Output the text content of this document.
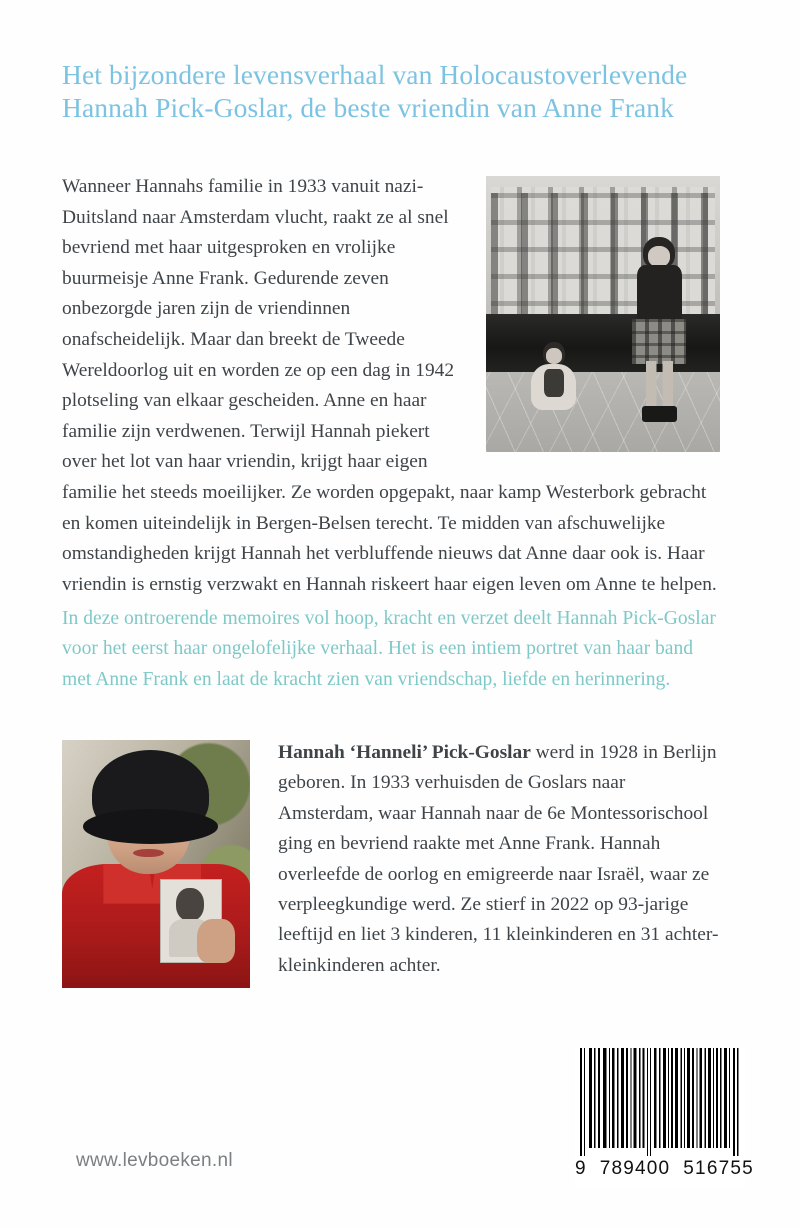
Het bijzondere levensverhaal van Holocaustoverlevende
Hannah Pick-Goslar, de beste vriendin van Anne Frank

Wanneer Hannahs familie in 1933 vanuit nazi-Duitsland naar Amsterdam vlucht, raakt ze al snel bevriend met haar uitgesproken en vrolijke buurmeisje Anne Frank. Gedurende zeven onbezorgde jaren zijn de vriendinnen onafscheidelijk. Maar dan breekt de Tweede Wereldoorlog uit en worden ze op een dag in 1942 plotseling van elkaar gescheiden. Anne en haar familie zijn verdwenen. Terwijl Hannah piekert over het lot van haar vriendin, krijgt haar eigen familie het steeds moeilijker. Ze worden opgepakt, naar kamp Westerbork gebracht en komen uiteindelijk in Bergen-Belsen terecht. Te midden van afschuwelijke omstandigheden krijgt Hannah het verbluffende nieuws dat Anne daar ook is. Haar vriendin is ernstig verzwakt en Hannah riskeert haar eigen leven om Anne te helpen.

In deze ontroerende memoires vol hoop, kracht en verzet deelt Hannah Pick-Goslar voor het eerst haar ongelofelijke verhaal. Het is een intiem portret van haar band met Anne Frank en laat de kracht zien van vriendschap, liefde en herinnering.

Hannah ‘Hanneli’ Pick-Goslar werd in 1928 in Berlijn geboren. In 1933 verhuisden de Goslars naar Amsterdam, waar Hannah naar de 6e Montessorischool ging en bevriend raakte met Anne Frank. Hannah overleefde de oorlog en emigreerde naar Israël, waar ze verpleegkundige werd. Ze stierf in 2022 op 93-jarige leeftijd en liet 3 kinderen, 11 kleinkinderen en 31 achter-kleinkinderen achter.

www.levboeken.nl	9  789400  516755
